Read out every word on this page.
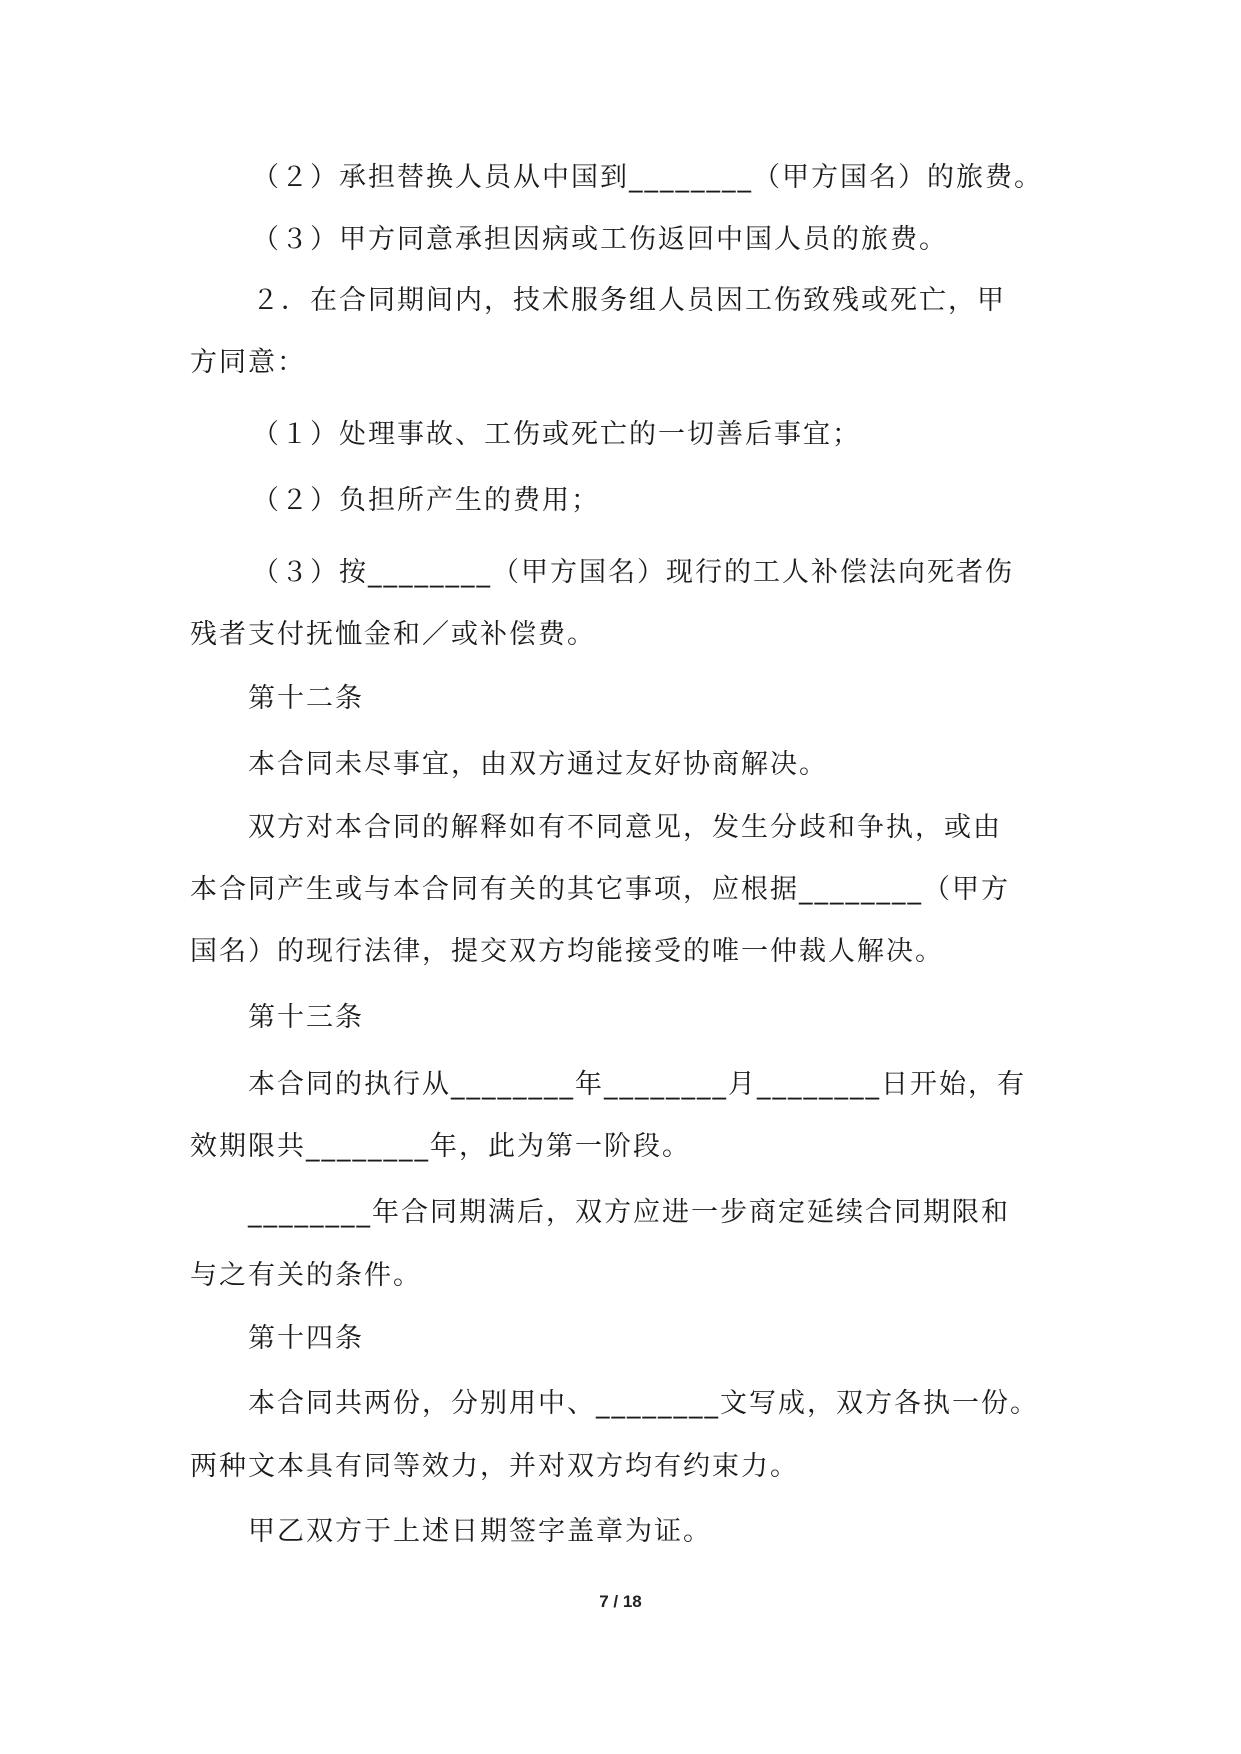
（２）承担替换人员从中国到________（甲方国名）的旅费。
（３）甲方同意承担因病或工伤返回中国人员的旅费。
２．在合同期间内，技术服务组人员因工伤致残或死亡，甲
方同意：
（１）处理事故、工伤或死亡的一切善后事宜；
（２）负担所产生的费用；
（３）按________（甲方国名）现行的工人补偿法向死者伤
残者支付抚恤金和／或补偿费。
第十二条
本合同未尽事宜，由双方通过友好协商解决。
双方对本合同的解释如有不同意见，发生分歧和争执，或由
本合同产生或与本合同有关的其它事项，应根据________（甲方
国名）的现行法律，提交双方均能接受的唯一仲裁人解决。
第十三条
本合同的执行从________年________月________日开始，有
效期限共________年，此为第一阶段。
________年合同期满后，双方应进一步商定延续合同期限和
与之有关的条件。
第十四条
本合同共两份，分别用中、________文写成，双方各执一份。
两种文本具有同等效力，并对双方均有约束力。
甲乙双方于上述日期签字盖章为证。
7 / 18
